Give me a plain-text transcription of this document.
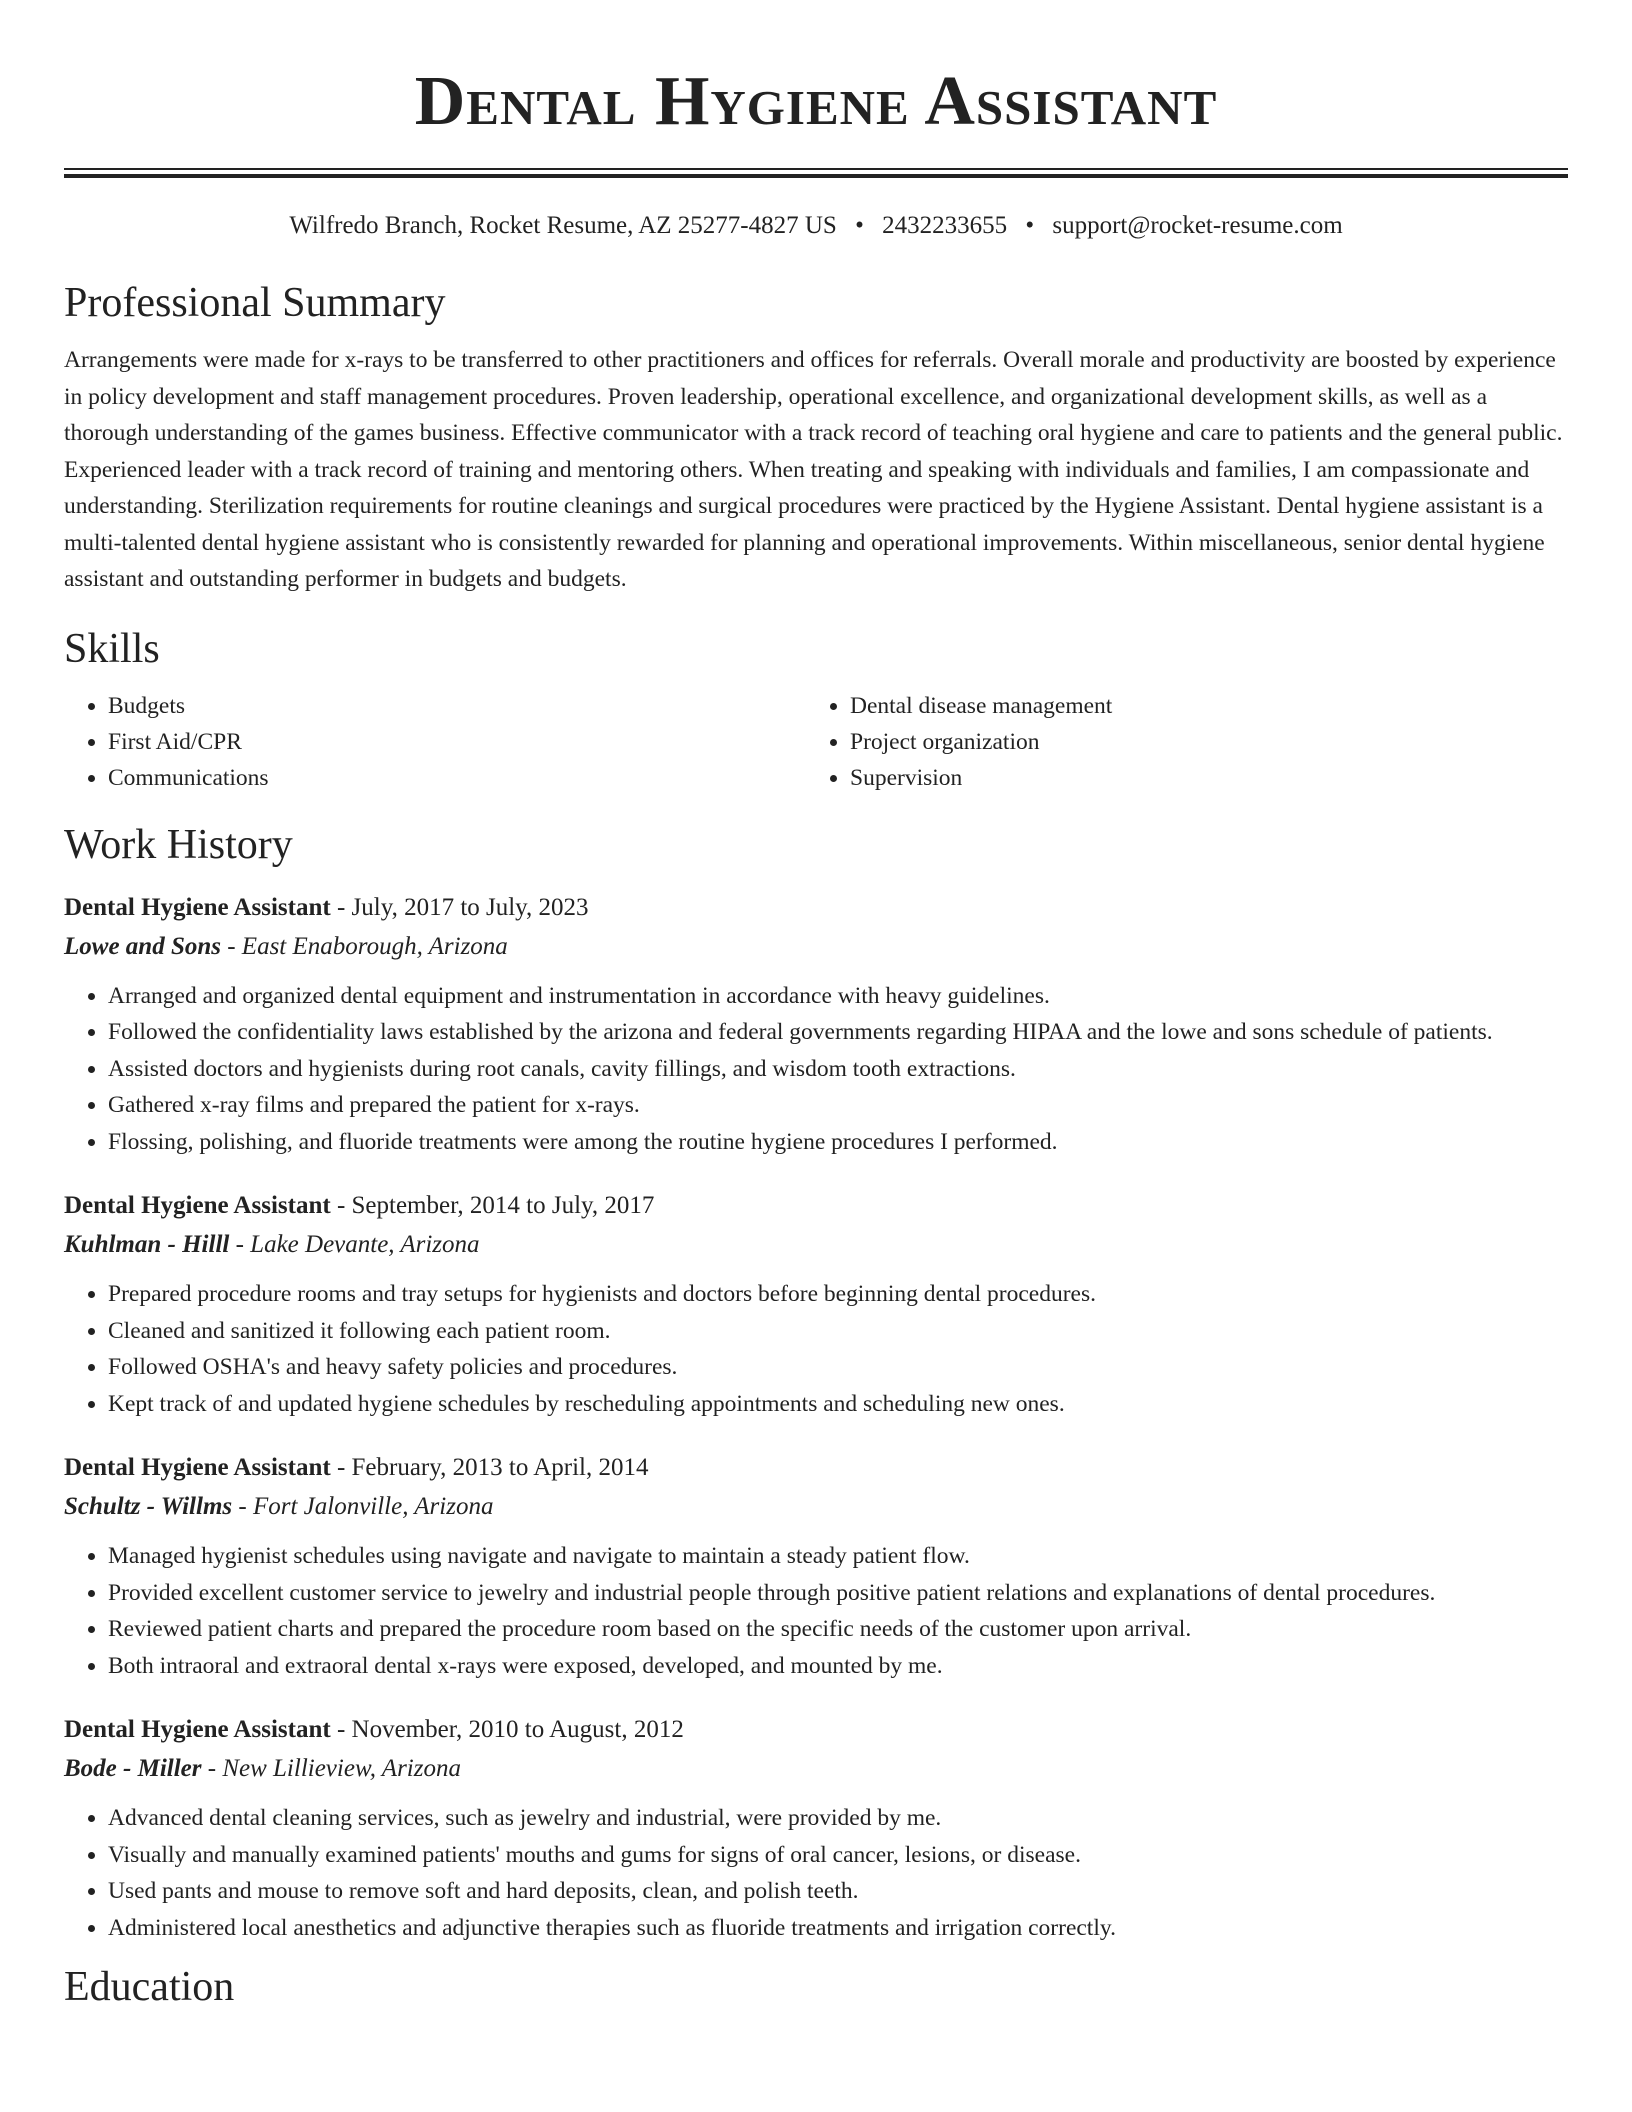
Dental Hygiene Assistant
Wilfredo Branch, Rocket Resume, AZ 25277-4827 US • 2432233655 • support@rocket-resume.com
Professional Summary
Arrangements were made for x-rays to be transferred to other practitioners and offices for referrals. Overall morale and productivity are boosted by experience in policy development and staff management procedures. Proven leadership, operational excellence, and organizational development skills, as well as a thorough understanding of the games business. Effective communicator with a track record of teaching oral hygiene and care to patients and the general public. Experienced leader with a track record of training and mentoring others. When treating and speaking with individuals and families, I am compassionate and understanding. Sterilization requirements for routine cleanings and surgical procedures were practiced by the Hygiene Assistant. Dental hygiene assistant is a multi-talented dental hygiene assistant who is consistently rewarded for planning and operational improvements. Within miscellaneous, senior dental hygiene assistant and outstanding performer in budgets and budgets.
Skills
• Budgets
• First Aid/CPR
• Communications
• Dental disease management
• Project organization
• Supervision
Work History
Dental Hygiene Assistant - July, 2017 to July, 2023
Lowe and Sons - East Enaborough, Arizona
• Arranged and organized dental equipment and instrumentation in accordance with heavy guidelines.
• Followed the confidentiality laws established by the arizona and federal governments regarding HIPAA and the lowe and sons schedule of patients.
• Assisted doctors and hygienists during root canals, cavity fillings, and wisdom tooth extractions.
• Gathered x-ray films and prepared the patient for x-rays.
• Flossing, polishing, and fluoride treatments were among the routine hygiene procedures I performed.
Dental Hygiene Assistant - September, 2014 to July, 2017
Kuhlman - Hilll - Lake Devante, Arizona
• Prepared procedure rooms and tray setups for hygienists and doctors before beginning dental procedures.
• Cleaned and sanitized it following each patient room.
• Followed OSHA's and heavy safety policies and procedures.
• Kept track of and updated hygiene schedules by rescheduling appointments and scheduling new ones.
Dental Hygiene Assistant - February, 2013 to April, 2014
Schultz - Willms - Fort Jalonville, Arizona
• Managed hygienist schedules using navigate and navigate to maintain a steady patient flow.
• Provided excellent customer service to jewelry and industrial people through positive patient relations and explanations of dental procedures.
• Reviewed patient charts and prepared the procedure room based on the specific needs of the customer upon arrival.
• Both intraoral and extraoral dental x-rays were exposed, developed, and mounted by me.
Dental Hygiene Assistant - November, 2010 to August, 2012
Bode - Miller - New Lillieview, Arizona
• Advanced dental cleaning services, such as jewelry and industrial, were provided by me.
• Visually and manually examined patients' mouths and gums for signs of oral cancer, lesions, or disease.
• Used pants and mouse to remove soft and hard deposits, clean, and polish teeth.
• Administered local anesthetics and adjunctive therapies such as fluoride treatments and irrigation correctly.
Education
